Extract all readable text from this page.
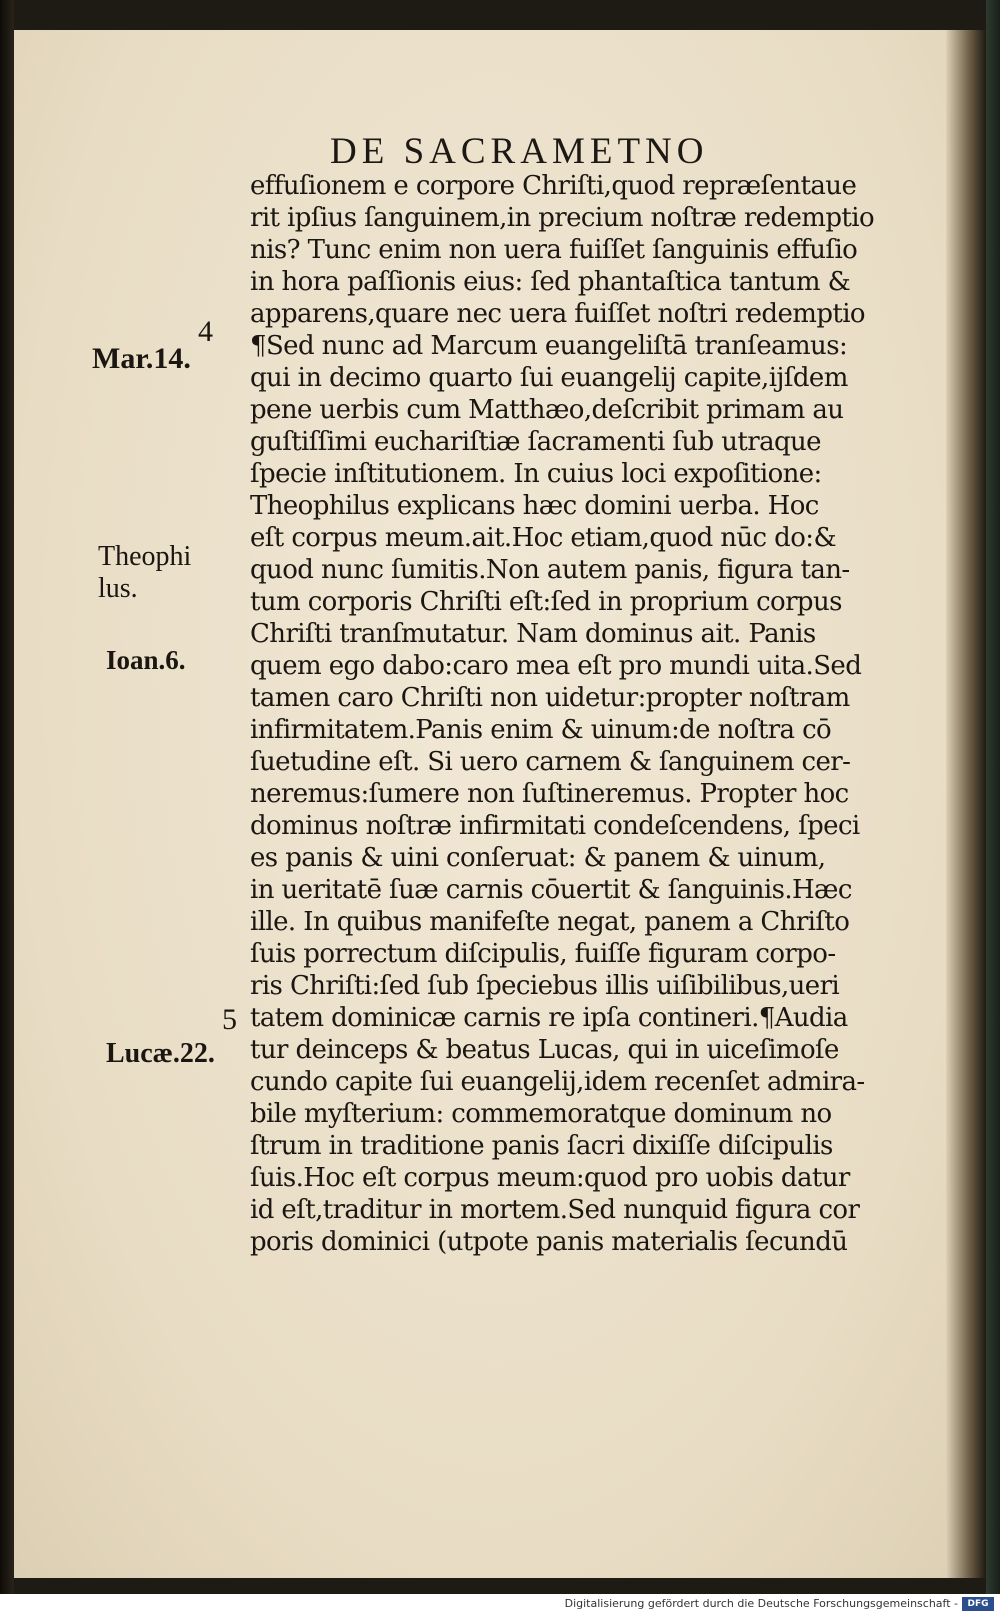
DE SACRAMETNO
4
Mar.14.
Theophi
lus.
Ioan.6.
5
Lucæ.22.
effuſionem e corpore Chriſti,quod repræſentaue
rit ipſius ſanguinem,in precium noſtræ redemptio
nis? Tunc enim non uera fuiſſet ſanguinis effuſio
in hora paſſionis eius: ſed phantaſtica tantum &
apparens,quare nec uera fuiſſet noſtri redemptio
¶Sed nunc ad Marcum euangeliſtā tranſeamus:
qui in decimo quarto ſui euangelij capite,ijſdem
pene uerbis cum Matthæo,deſcribit primam au
guſtiſſimi euchariſtiæ ſacramenti ſub utraque
ſpecie inſtitutionem. In cuius loci expoſitione:
Theophilus explicans hæc domini uerba. Hoc
eſt corpus meum.ait.Hoc etiam,quod nūc do:&
quod nunc ſumitis.Non autem panis, figura tan-
tum corporis Chriſti eſt:ſed in proprium corpus
Chriſti tranſmutatur. Nam dominus ait. Panis
quem ego dabo:caro mea eſt pro mundi uita.Sed
tamen caro Chriſti non uidetur:propter noſtram
infirmitatem.Panis enim & uinum:de noſtra cō
ſuetudine eſt. Si uero carnem & ſanguinem cer-
neremus:ſumere non ſuſtineremus. Propter hoc
dominus noſtræ infirmitati condeſcendens, ſpeci
es panis & uini conſeruat: & panem & uinum,
in ueritatē ſuæ carnis cōuertit & ſanguinis.Hæc
ille. In quibus manifeſte negat, panem a Chriſto
ſuis porrectum diſcipulis, fuiſſe figuram corpo-
ris Chriſti:ſed ſub ſpeciebus illis uiſibilibus,ueri
tatem dominicæ carnis re ipſa contineri.¶Audia
tur deinceps & beatus Lucas, qui in uiceſimoſe
cundo capite ſui euangelij,idem recenſet admira-
bile myſterium: commemoratque dominum no
ſtrum in traditione panis ſacri dixiſſe diſcipulis
ſuis.Hoc eſt corpus meum:quod pro uobis datur
id eſt,traditur in mortem.Sed nunquid figura cor
poris dominici (utpote panis materialis ſecundū
Digitalisierung gefördert durch die Deutsche Forschungsgemeinschaft -	DFG
